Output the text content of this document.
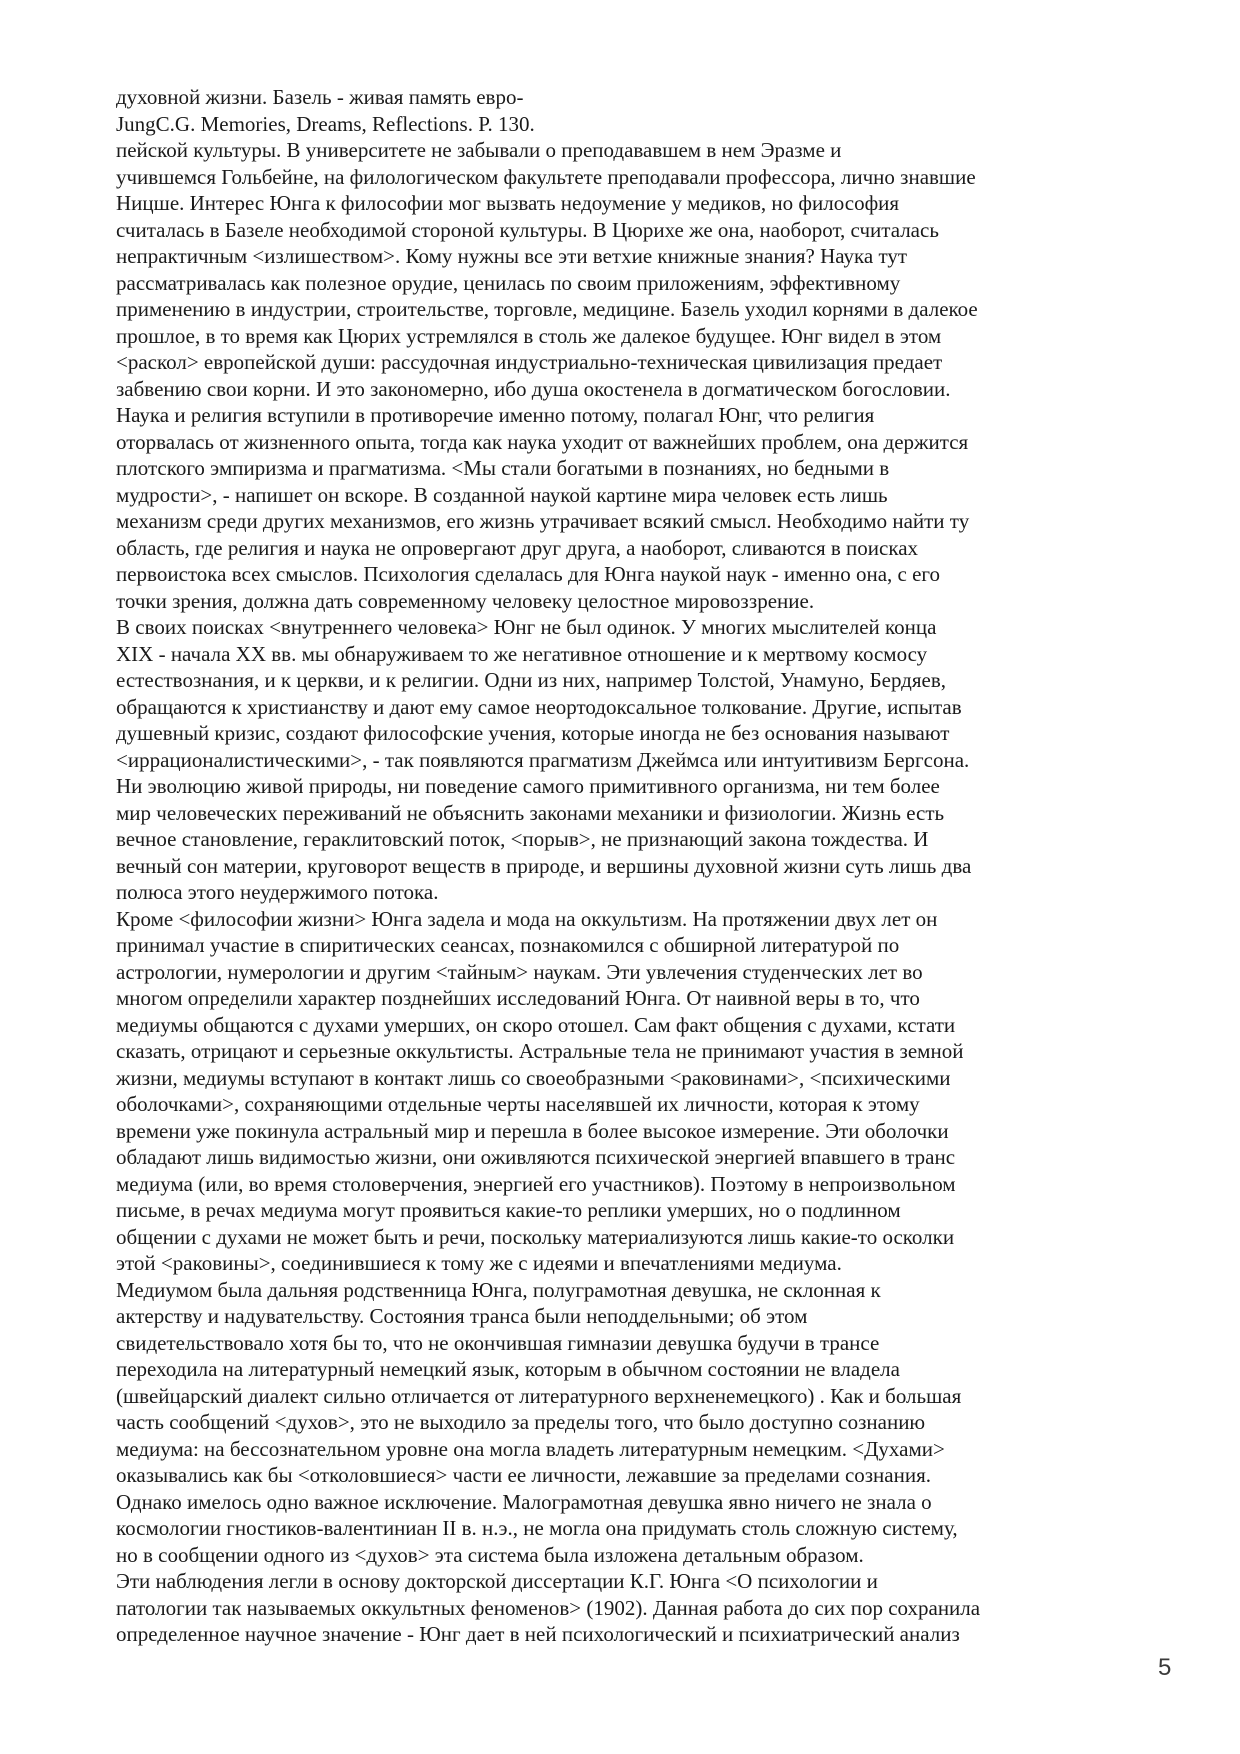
духовной жизни. Базель - живая память евро-
JungC.G. Memories, Dreams, Reflections. P. 130.
пейской культуры. В университете не забывали о преподававшем в нем Эразме и
учившемся Гольбейне, на филологическом факультете преподавали профессора, лично знавшие
Ницше. Интерес Юнга к философии мог вызвать недоумение у медиков, но философия
считалась в Базеле необходимой стороной культуры. В Цюрихе же она, наоборот, считалась
непрактичным <излишеством>. Кому нужны все эти ветхие книжные знания? Наука тут
рассматривалась как полезное орудие, ценилась по своим приложениям, эффективному
применению в индустрии, строительстве, торговле, медицине. Базель уходил корнями в далекое
прошлое, в то время как Цюрих устремлялся в столь же далекое будущее. Юнг видел в этом
<раскол> европейской души: рассудочная индустриально-техническая цивилизация предает
забвению свои корни. И это закономерно, ибо душа окостенела в догматическом богословии.
Наука и религия вступили в противоречие именно потому, полагал Юнг, что религия
оторвалась от жизненного опыта, тогда как наука уходит от важнейших проблем, она держится
плотского эмпиризма и прагматизма. <Мы стали богатыми в познаниях, но бедными в
мудрости>, - напишет он вскоре. В созданной наукой картине мира человек есть лишь
механизм среди других механизмов, его жизнь утрачивает всякий смысл. Необходимо найти ту
область, где религия и наука не опровергают друг друга, а наоборот, сливаются в поисках
первоистока всех смыслов. Психология сделалась для Юнга наукой наук - именно она, с его
точки зрения, должна дать современному человеку целостное мировоззрение.
В своих поисках <внутреннего человека> Юнг не был одинок. У многих мыслителей конца
XIX - начала XX вв. мы обнаруживаем то же негативное отношение и к мертвому космосу
естествознания, и к церкви, и к религии. Одни из них, например Толстой, Унамуно, Бердяев,
обращаются к христианству и дают ему самое неортодоксальное толкование. Другие, испытав
душевный кризис, создают философские учения, которые иногда не без основания называют
<иррационалистическими>, - так появляются прагматизм Джеймса или интуитивизм Бергсона.
Ни эволюцию живой природы, ни поведение самого примитивного организма, ни тем более
мир человеческих переживаний не объяснить законами механики и физиологии. Жизнь есть
вечное становление, гераклитовский поток, <порыв>, не признающий закона тождества. И
вечный сон материи, круговорот веществ в природе, и вершины духовной жизни суть лишь два
полюса этого неудержимого потока.
Кроме <философии жизни> Юнга задела и мода на оккультизм. На протяжении двух лет он
принимал участие в спиритических сеансах, познакомился с обширной литературой по
астрологии, нумерологии и другим <тайным> наукам. Эти увлечения студенческих лет во
многом определили характер позднейших исследований Юнга. От наивной веры в то, что
медиумы общаются с духами умерших, он скоро отошел. Сам факт общения с духами, кстати
сказать, отрицают и серьезные оккультисты. Астральные тела не принимают участия в земной
жизни, медиумы вступают в контакт лишь со своеобразными <раковинами>, <психическими
оболочками>, сохраняющими отдельные черты населявшей их личности, которая к этому
времени уже покинула астральный мир и перешла в более высокое измерение. Эти оболочки
обладают лишь видимостью жизни, они оживляются психической энергией впавшего в транс
медиума (или, во время столоверчения, энергией его участников). Поэтому в непроизвольном
письме, в речах медиума могут проявиться какие-то реплики умерших, но о подлинном
общении с духами не может быть и речи, поскольку материализуются лишь какие-то осколки
этой <раковины>, соединившиеся к тому же с идеями и впечатлениями медиума.
Медиумом была дальняя родственница Юнга, полуграмотная девушка, не склонная к
актерству и надувательству. Состояния транса были неподдельными; об этом
свидетельствовало хотя бы то, что не окончившая гимназии девушка будучи в трансе
переходила на литературный немецкий язык, которым в обычном состоянии не владела
(швейцарский диалект сильно отличается от литературного верхненемецкого) . Как и большая
часть сообщений <духов>, это не выходило за пределы того, что было доступно сознанию
медиума: на бессознательном уровне она могла владеть литературным немецким. <Духами>
оказывались как бы <отколовшиеся> части ее личности, лежавшие за пределами сознания.
Однако имелось одно важное исключение. Малограмотная девушка явно ничего не знала о
космологии гностиков-валентиниан II в. н.э., не могла она придумать столь сложную систему,
но в сообщении одного из <духов> эта система была изложена детальным образом.
Эти наблюдения легли в основу докторской диссертации К.Г. Юнга <О психологии и
патологии так называемых оккультных феноменов> (1902). Данная работа до сих пор сохранила
определенное научное значение - Юнг дает в ней психологический и психиатрический анализ
5
